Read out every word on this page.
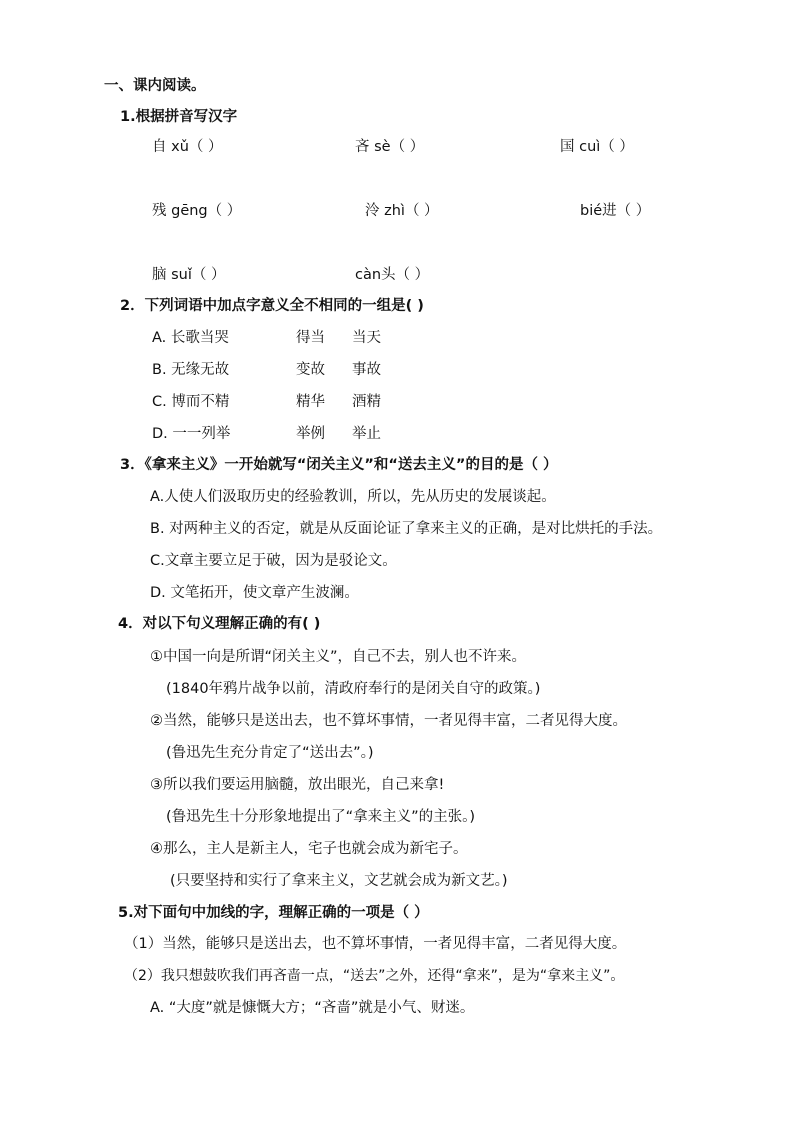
一、课内阅读。
1.根据拼音写汉字
自 xǔ（ ）	吝 sè（ ）	国 cuì（ ）
残 gēng（ ）	泠 zhì（ ）	bié进（ ）
脑 suǐ（ ）	càn头（ ）
2．下列词语中加点字意义全不相同的一组是( )
A. 长歌当哭	得当 当天
B. 无缘无故	变故 事故
C. 博而不精	精华 酒精
D. 一一列举	举例 举止
3．《拿来主义》一开始就写“闭关主义”和“送去主义”的目的是（ ）
A.人使人们汲取历史的经验教训，所以，先从历史的发展谈起。
B. 对两种主义的否定，就是从反面论证了拿来主义的正确，是对比烘托的手法。
C.文章主要立足于破，因为是驳论文。
D. 文笔拓开，使文章产生波澜。
4．对以下句义理解正确的有( )
①中国一向是所谓“闭关主义”，自己不去，别人也不许来。
(1840年鸦片战争以前，清政府奉行的是闭关自守的政策。)
②当然，能够只是送出去，也不算坏事情，一者见得丰富，二者见得大度。
(鲁迅先生充分肯定了“送出去”。)
③所以我们要运用脑髓，放出眼光，自己来拿!
(鲁迅先生十分形象地提出了“拿来主义”的主张。)
④那么，主人是新主人，宅子也就会成为新宅子。
(只要坚持和实行了拿来主义，文艺就会成为新文艺。)
5.对下面句中加线的字，理解正确的一项是（ ）
（1）当然，能够只是送出去，也不算坏事情，一者见得丰富，二者见得大度。
（2）我只想鼓吹我们再吝啬一点，“送去”之外，还得“拿来”，是为“拿来主义”。
A. “大度”就是慷慨大方；“吝啬”就是小气、财迷。
